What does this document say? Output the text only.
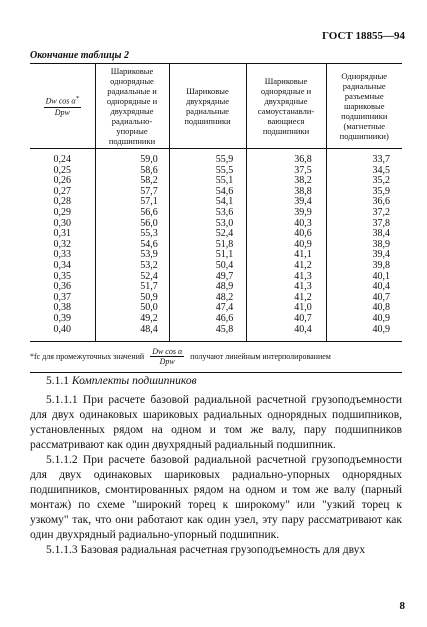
ГОСТ 18855—94
Окончание таблицы 2
$\frac{Dw \cos \alpha^*}{\text{Dpw}}$	Шариковые однорядные радиальные и однорядные и двухрядные радиально-упорные подшипники	Шариковые двухрядные радиальные подшипники	Шариковые однорядные и двухрядные самоустанавли-вающиеся подшипники	Однорядные радиальные разъемные шариковые подшипники (магнетные подшипники)
0,24	59,0	55,9	36,8	33,7
0,25	58,6	55,5	37,5	34,5
0,26	58,2	55,1	38,2	35,2
0,27	57,7	54,6	38,8	35,9
0,28	57,1	54,1	39,4	36,6
0,29	56,6	53,6	39,9	37,2
0,30	56,0	53,0	40,3	37,8
0,31	55,3	52,4	40,6	38,4
0,32	54,6	51,8	40,9	38,9
0,33	53,9	51,1	41,1	39,4
0,34	53,2	50,4	41,2	39,8
0,35	52,4	49,7	41,3	40,1
0,36	51,7	48,9	41,3	40,4
0,37	50,9	48,2	41,2	40,7
0,38	50,0	47,4	41,0	40,8
0,39	49,2	46,6	40,7	40,9
0,40	48,4	45,8	40,4	40,9
*fc для промежуточных значений $\frac{\text{Dw cos α}}{\text{Dpw}}$ получают линейным интерполированием

5.1.1 Комплекты подшипников

5.1.1.1 При расчете базовой радиальной расчетной грузоподъемности для двух одинаковых шариковых радиальных однорядных подшипников, установленных рядом на одном и том же валу, пару подшипников рассматривают как один двухрядный радиальный подшипник.

5.1.1.2 При расчете базовой радиальной расчетной грузоподъемности для двух одинаковых шариковых радиально-упорных однорядных подшипников, смонтированных рядом на одном и том же валу (парный монтаж) по схеме "широкий торец к широкому" или "узкий торец к узкому" так, что они работают как один узел, эту пару рассматривают как один двухрядный радиально-упорный подшипник.

5.1.1.3 Базовая радиальная расчетная грузоподъемность для двух

8
